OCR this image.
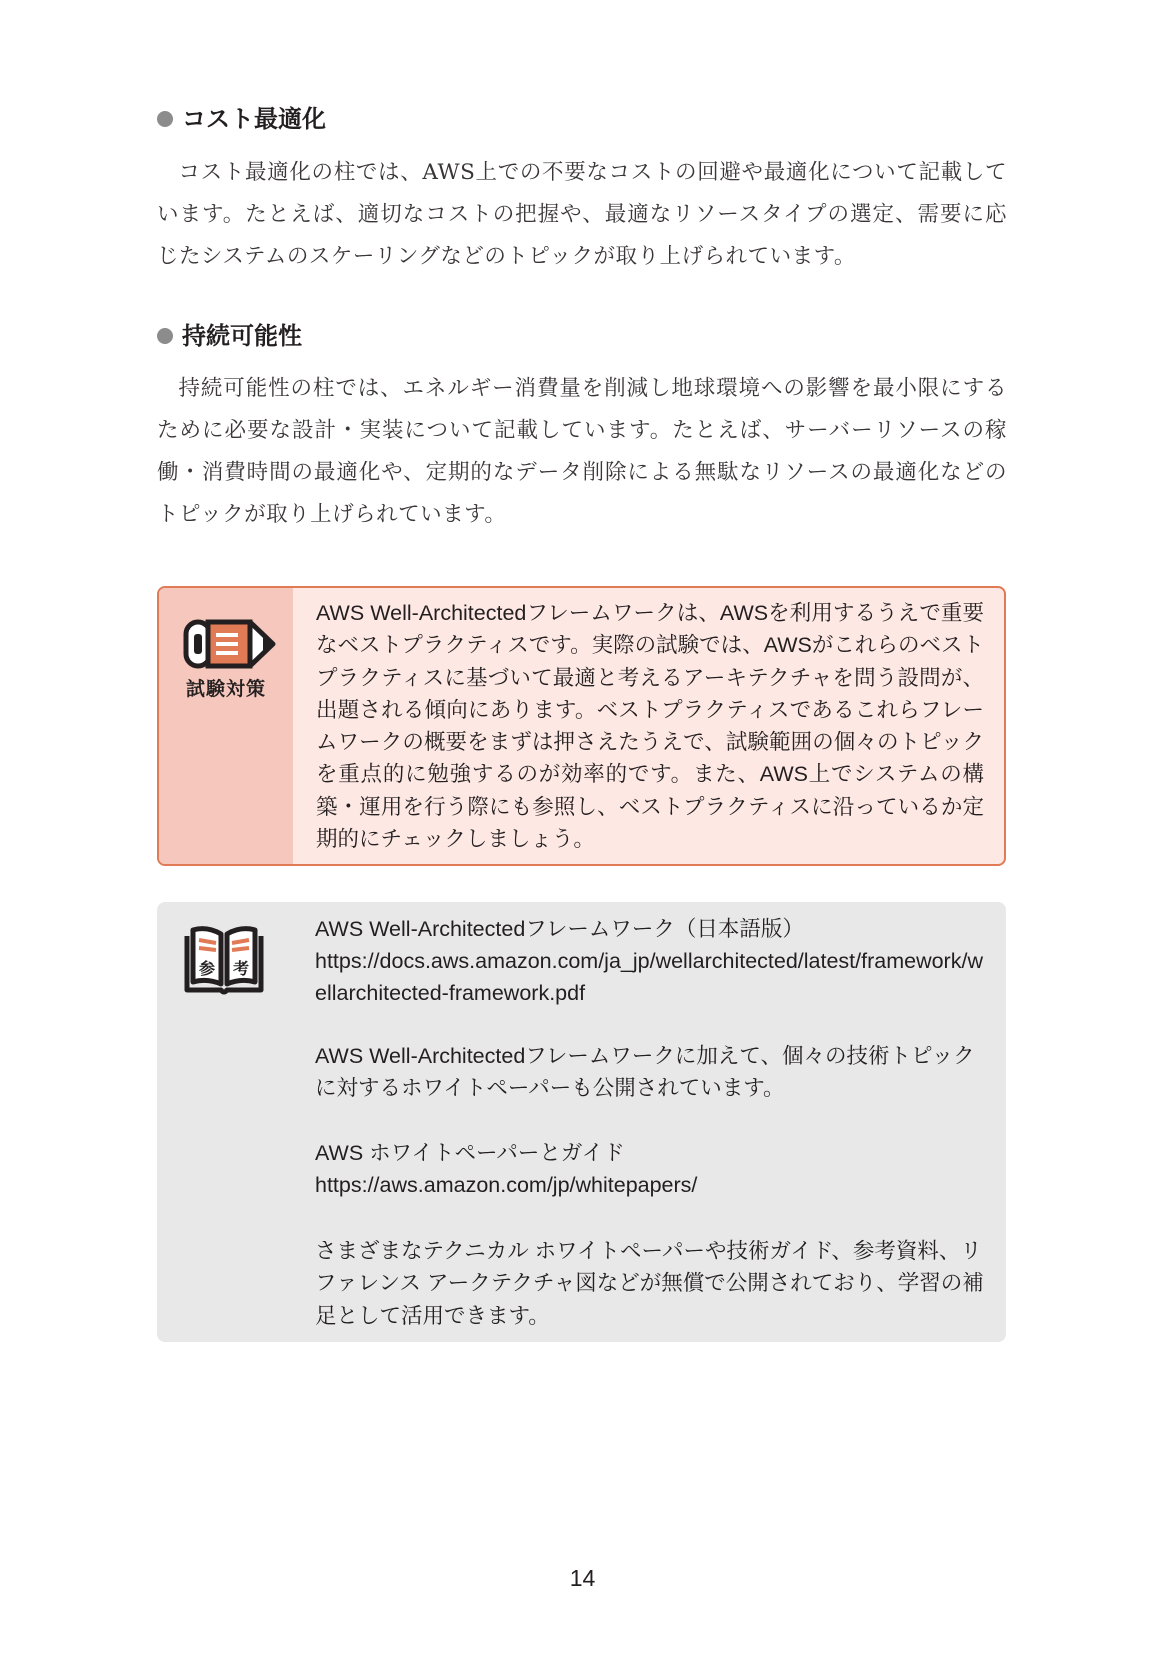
コスト最適化

コスト最適化の柱では、AWS上での不要なコストの回避や最適化について記載しています。たとえば、適切なコストの把握や、最適なリソースタイプの選定、需要に応じたシステムのスケーリングなどのトピックが取り上げられています。

持続可能性

持続可能性の柱では、エネルギー消費量を削減し地球環境への影響を最小限にするために必要な設計・実装について記載しています。たとえば、サーバーリソースの稼働・消費時間の最適化や、定期的なデータ削除による無駄なリソースの最適化などのトピックが取り上げられています。

試験対策

AWS Well-Architectedフレームワークは、AWSを利用するうえで重要なベストプラクティスです。実際の試験では、AWSがこれらのベストプラクティスに基づいて最適と考えるアーキテクチャを問う設問が、出題される傾向にあります。ベストプラクティスであるこれらフレームワークの概要をまずは押さえたうえで、試験範囲の個々のトピックを重点的に勉強するのが効率的です。また、AWS上でシステムの構築・運用を行う際にも参照し、ベストプラクティスに沿っているか定期的にチェックしましょう。

参 考

AWS Well-Architectedフレームワーク（日本語版）

https://docs.aws.amazon.com/ja_jp/wellarchitected/latest/framework/wellarchitected-framework.pdf

AWS Well-Architectedフレームワークに加えて、個々の技術トピックに対するホワイトペーパーも公開されています。

AWS ホワイトペーパーとガイド

https://aws.amazon.com/jp/whitepapers/

さまざまなテクニカル ホワイトペーパーや技術ガイド、参考資料、リファレンス アークテクチャ図などが無償で公開されており、学習の補足として活用できます。

14
